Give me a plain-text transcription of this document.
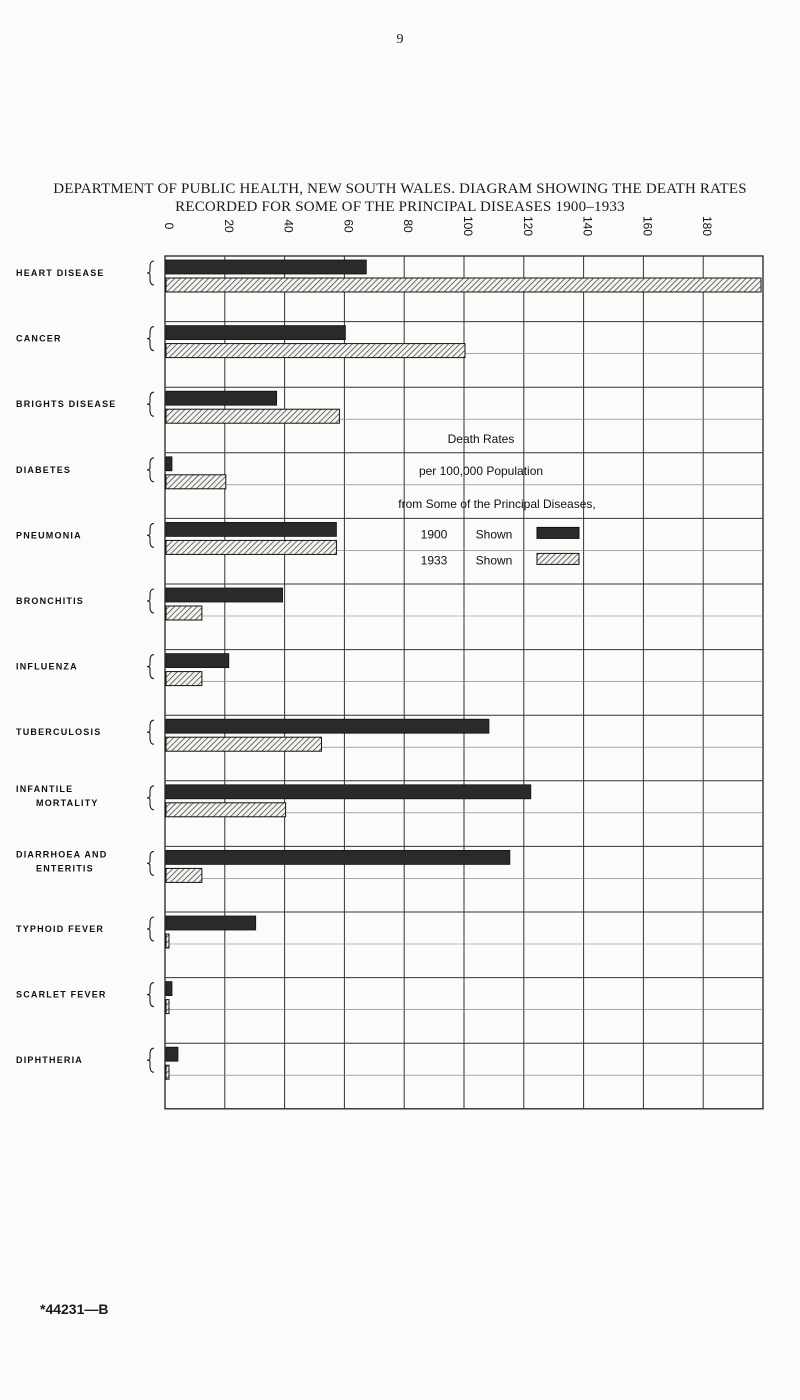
9
DEPARTMENT OF PUBLIC HEALTH, NEW SOUTH WALES. DIAGRAM SHOWING THE DEATH RATES
RECORDED FOR SOME OF THE PRINCIPAL DISEASES 1900–1933
0	20	40	60	80	100	120	140	160	180
HEART DISEASE
CANCER
BRIGHTS DISEASE
DIABETES
PNEUMONIA
BRONCHITIS
INFLUENZA
TUBERCULOSIS
INFANTILE
MORTALITY
DIARRHOEA AND
ENTERITIS
TYPHOID FEVER
SCARLET FEVER
DIPHTHERIA
Death Rates
per 100,000 Population
from Some of the Principal Diseases,
1900 Shown
1933 Shown
*44231—B
